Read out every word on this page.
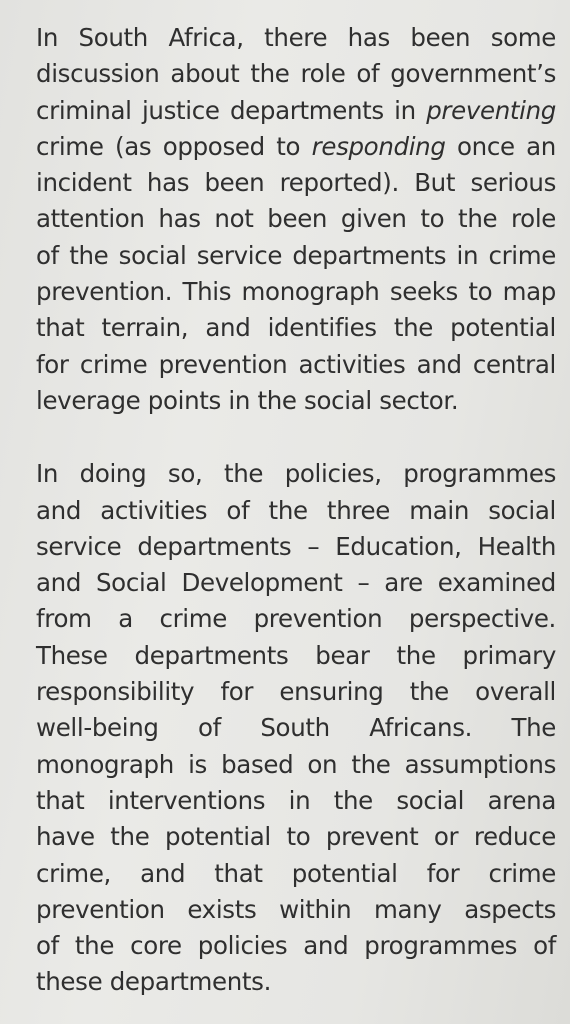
In South Africa, there has been some
discussion about the role of government’s
criminal justice departments in preventing
crime (as opposed to responding once an
incident has been reported). But serious
attention has not been given to the role
of the social service departments in crime
prevention. This monograph seeks to map
that terrain, and identifies the potential
for crime prevention activities and central
leverage points in the social sector.
In doing so, the policies, programmes
and activities of the three main social
service departments – Education, Health
and Social Development – are examined
from a crime prevention perspective.
These departments bear the primary
responsibility for ensuring the overall
well-being of South Africans. The
monograph is based on the assumptions
that interventions in the social arena
have the potential to prevent or reduce
crime, and that potential for crime
prevention exists within many aspects
of the core policies and programmes of
these departments.
